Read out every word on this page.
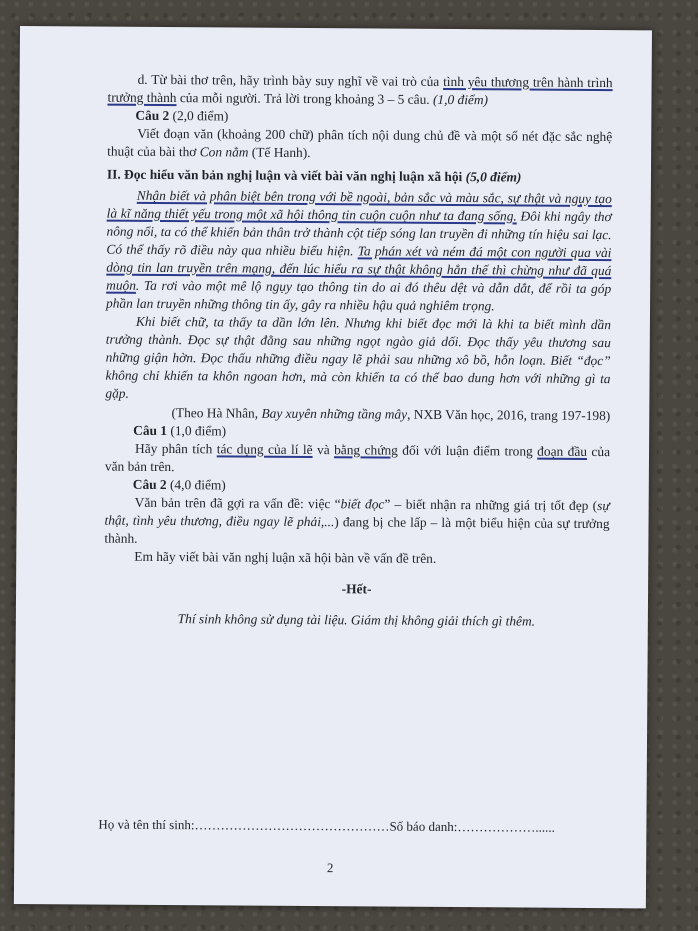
d. Từ bài thơ trên, hãy trình bày suy nghĩ về vai trò của tình yêu thương trên hành trình trưởng thành của mỗi người. Trả lời trong khoảng 3 – 5 câu. (1,0 điểm)

Câu 2 (2,0 điểm)

Viết đoạn văn (khoảng 200 chữ) phân tích nội dung chủ đề và một số nét đặc sắc nghệ thuật của bài thơ Con nằm (Tế Hanh).

II. Đọc hiểu văn bản nghị luận và viết bài văn nghị luận xã hội (5,0 điểm)

Nhận biết và phân biệt bên trong với bề ngoài, bản sắc và màu sắc, sự thật và ngụy tạo là kĩ năng thiết yếu trong một xã hội thông tin cuộn cuộn như ta đang sống. Đôi khi ngây thơ nông nổi, ta có thể khiến bản thân trở thành cột tiếp sóng lan truyền đi những tín hiệu sai lạc. Có thể thấy rõ điều này qua nhiều biểu hiện. Ta phán xét và ném đá một con người qua vài dòng tin lan truyền trên mạng, đến lúc hiểu ra sự thật không hẳn thế thì chừng như đã quá muộn. Ta rơi vào một mê lộ ngụy tạo thông tin do ai đó thêu dệt và dẫn dắt, để rồi ta góp phần lan truyền những thông tin ấy, gây ra nhiều hậu quả nghiêm trọng.

Khi biết chữ, ta thấy ta dần lớn lên. Nhưng khi biết đọc mới là khi ta biết mình dần trưởng thành. Đọc sự thật đằng sau những ngọt ngào giả dối. Đọc thấy yêu thương sau những giận hờn. Đọc thấu những điều ngay lẽ phải sau những xô bồ, hỗn loạn. Biết “đọc” không chỉ khiến ta khôn ngoan hơn, mà còn khiến ta có thể bao dung hơn với những gì ta gặp.

(Theo Hà Nhân, Bay xuyên những tầng mây, NXB Văn học, 2016, trang 197-198)

Câu 1 (1,0 điểm)

Hãy phân tích tác dụng của lí lẽ và bằng chứng đối với luận điểm trong đoạn đầu của văn bản trên.

Câu 2 (4,0 điểm)

Văn bản trên đã gợi ra vấn đề: việc “biết đọc” – biết nhận ra những giá trị tốt đẹp (sự thật, tình yêu thương, điều ngay lẽ phải,...) đang bị che lấp – là một biểu hiện của sự trưởng thành.

Em hãy viết bài văn nghị luận xã hội bàn về vấn đề trên.

-Hết-

Thí sinh không sử dụng tài liệu. Giám thị không giải thích gì thêm.

Họ và tên thí sinh:………………………………………Số báo danh:………………......
2
